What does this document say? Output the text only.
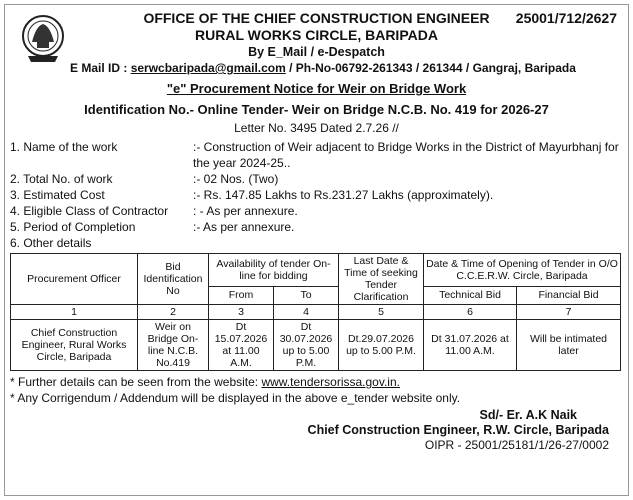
25001/712/2627
OFFICE OF THE CHIEF CONSTRUCTION ENGINEER
RURAL WORKS CIRCLE, BARIPADA
By E_Mail / e-Despatch
E Mail ID : serwcbaripada@gmail.com / Ph-No-06792-261343 / 261344 / Gangraj, Baripada
"e" Procurement Notice for Weir on Bridge Work
Identification No.- Online Tender- Weir on Bridge N.C.B. No. 419 for 2026-27
Letter No. 3495 Dated 2.7.26 //
1. Name of the work	:- Construction of Weir adjacent to Bridge Works in the District of Mayurbhanj for the year 2024-25..
2. Total No. of work	:- 02 Nos. (Two)
3. Estimated Cost	:- Rs. 147.85 Lakhs to Rs.231.27 Lakhs (approximately).
4. Eligible Class of Contractor	: - As per annexure.
5. Period of Completion	:- As per annexure.
6. Other details
Procurement Officer	Bid Identification No	Availability of tender On-line for bidding		Last Date & Time of seeking Tender Clarification	Date & Time of Opening of Tender in O/O C.C.E.R.W. Circle, Baripada	
		From	To		Technical Bid	Financial Bid
1	2	3	4	5	6	7
Chief Construction Engineer, Rural Works Circle, Baripada	Weir on Bridge On- line N.C.B. No.419	Dt 15.07.2026 at 11.00 A.M.	Dt 30.07.2026 up to 5.00 P.M.	Dt.29.07.2026 up to 5.00 P.M.	Dt 31.07.2026 at 11.00 A.M.	Will be intimated later
* Further details can be seen from the website: www.tendersorissa.gov.in.
* Any Corrigendum / Addendum will be displayed in the above e_tender website only.
Sd/- Er. A.K Naik
Chief Construction Engineer, R.W. Circle, Baripada
OIPR - 25001/25181/1/26-27/0002
